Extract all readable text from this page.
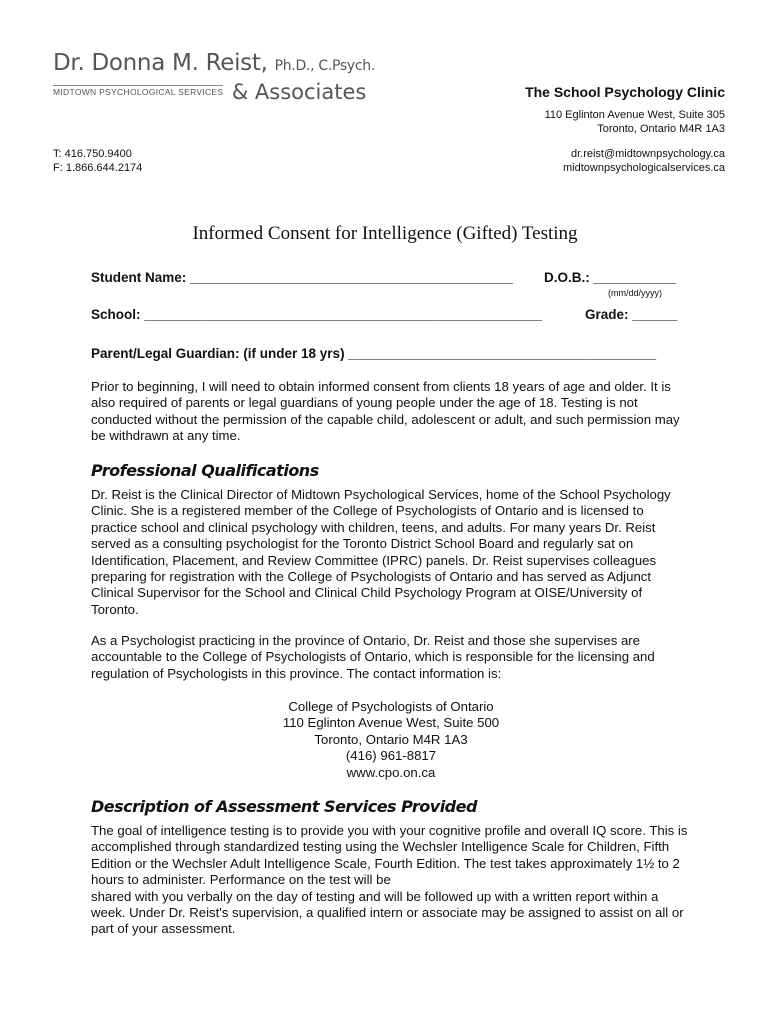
Dr. Donna M. Reist, Ph.D., C.Psych.
MIDTOWN PSYCHOLOGICAL SERVICES & Associates	The School Psychology Clinic
110 Eglinton Avenue West, Suite 305
Toronto, Ontario M4R 1A3
T: 416.750.9400
F: 1.866.644.2174
dr.reist@midtownpsychology.ca
midtownpsychologicalservices.ca
Informed Consent for Intelligence (Gifted) Testing
Student Name: ___________________________________________ D.O.B.: ___________
(mm/dd/yyyy)
School: _____________________________________________________	Grade: ______
Parent/Legal Guardian: (if under 18 yrs) _________________________________________
Prior to beginning, I will need to obtain informed consent from clients 18 years of age and older. It is also required of parents or legal guardians of young people under the age of 18. Testing is not conducted without the permission of the capable child, adolescent or adult, and such permission may be withdrawn at any time.
Professional Qualifications
Dr. Reist is the Clinical Director of Midtown Psychological Services, home of the School Psychology Clinic. She is a registered member of the College of Psychologists of Ontario and is licensed to practice school and clinical psychology with children, teens, and adults. For many years Dr. Reist served as a consulting psychologist for the Toronto District School Board and regularly sat on Identification, Placement, and Review Committee (IPRC) panels. Dr. Reist supervises colleagues preparing for registration with the College of Psychologists of Ontario and has served as Adjunct Clinical Supervisor for the School and Clinical Child Psychology Program at OISE/University of Toronto.
As a Psychologist practicing in the province of Ontario, Dr. Reist and those she supervises are accountable to the College of Psychologists of Ontario, which is responsible for the licensing and regulation of Psychologists in this province. The contact information is:
College of Psychologists of Ontario
110 Eglinton Avenue West, Suite 500
Toronto, Ontario M4R 1A3
(416) 961-8817
www.cpo.on.ca
Description of Assessment Services Provided

The goal of intelligence testing is to provide you with your cognitive profile and overall IQ score. This is accomplished through standardized testing using the Wechsler Intelligence Scale for Children, Fifth Edition or the Wechsler Adult Intelligence Scale, Fourth Edition. The test takes approximately 1½ to 2 hours to administer. Performance on the test will be

shared with you verbally on the day of testing and will be followed up with a written report within a week. Under Dr. Reist's supervision, a qualified intern or associate may be assigned to assist on all or part of your assessment.
